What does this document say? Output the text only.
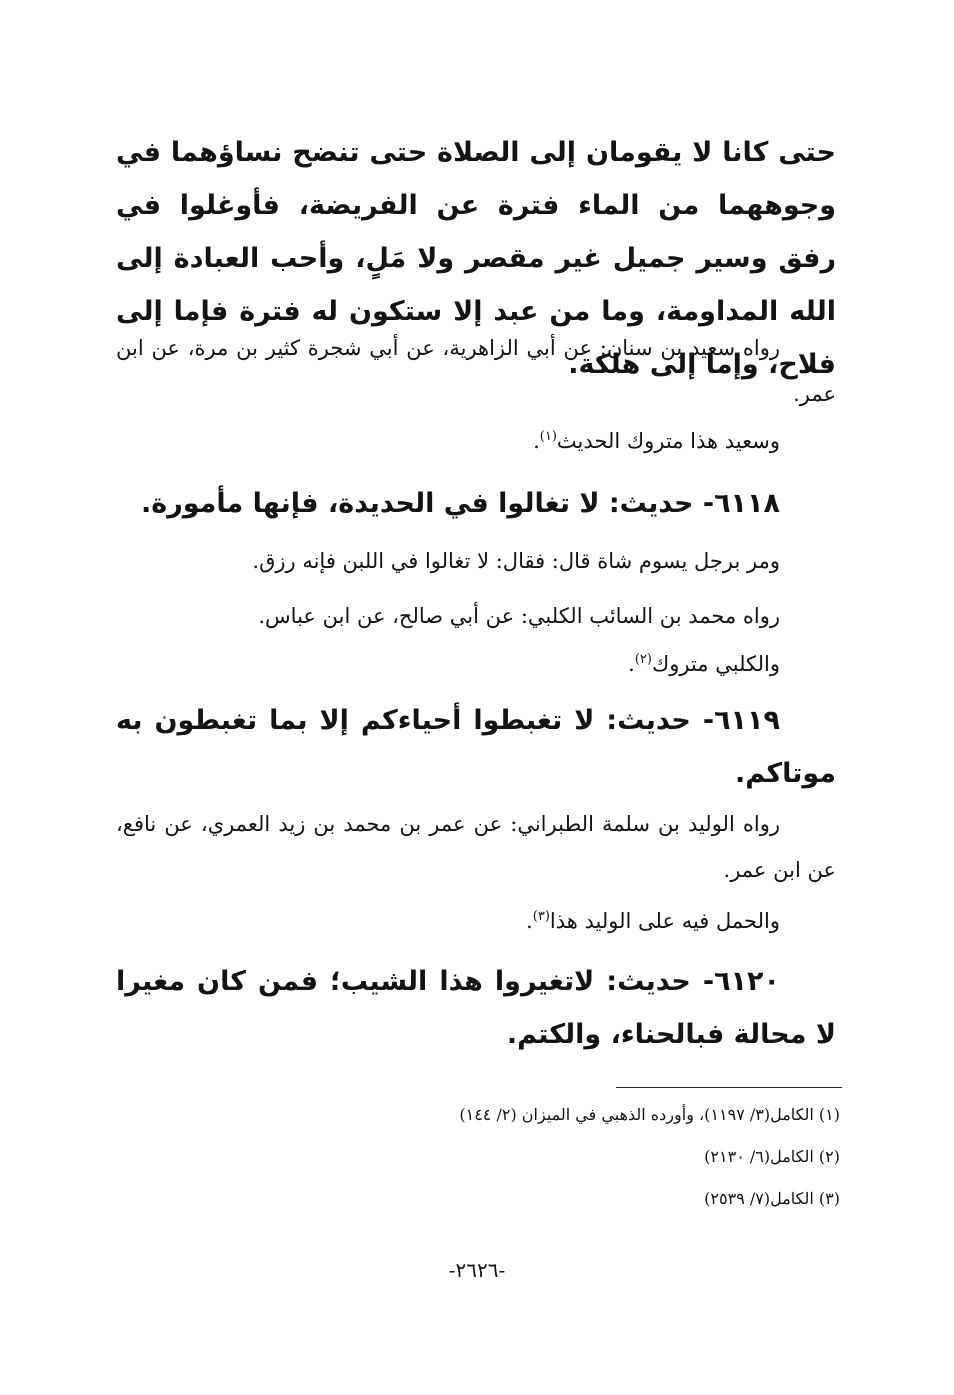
حتى كانا لا يقومان إلى الصلاة حتى تنضح نساؤهما في وجوههما من الماء فترة عن الفريضة، فأوغلوا في رفق وسير جميل غير مقصر ولا مَلٍ، وأحب العبادة إلى الله المداومة، وما من عبد إلا ستكون له فترة فإما إلى فلاح، وإما إلى هلكة.
رواه سعيد بن سنان: عن أبي الزاهرية، عن أبي شجرة كثير بن مرة، عن ابن عمر.
وسعيد هذا متروك الحديث$^{(١)}$.
٦١١٨- حديث: لا تغالوا في الحديدة، فإنها مأمورة.
ومر برجل يسوم شاة قال: فقال: لا تغالوا في اللبن فإنه رزق.
رواه محمد بن السائب الكلبي: عن أبي صالح، عن ابن عباس.
والكلبي متروك$^{(٢)}$.
٦١١٩- حديث: لا تغبطوا أحياءكم إلا بما تغبطون به موتاكم.
رواه الوليد بن سلمة الطبراني: عن عمر بن محمد بن زيد العمري، عن نافع، عن ابن عمر.
والحمل فيه على الوليد هذا$^{(٣)}$.
٦١٢٠- حديث: لاتغيروا هذا الشيب؛ فمن كان مغيرا لا محالة فبالحناء، والكتم.
(١) الكامل(٣/ ١١٩٧)، وأورده الذهبي في الميزان (٢/ ١٤٤)
(٢) الكامل(٦/ ٢١٣٠)
(٣) الكامل(٧/ ٢٥٣٩)
-٢٦٢٦-
